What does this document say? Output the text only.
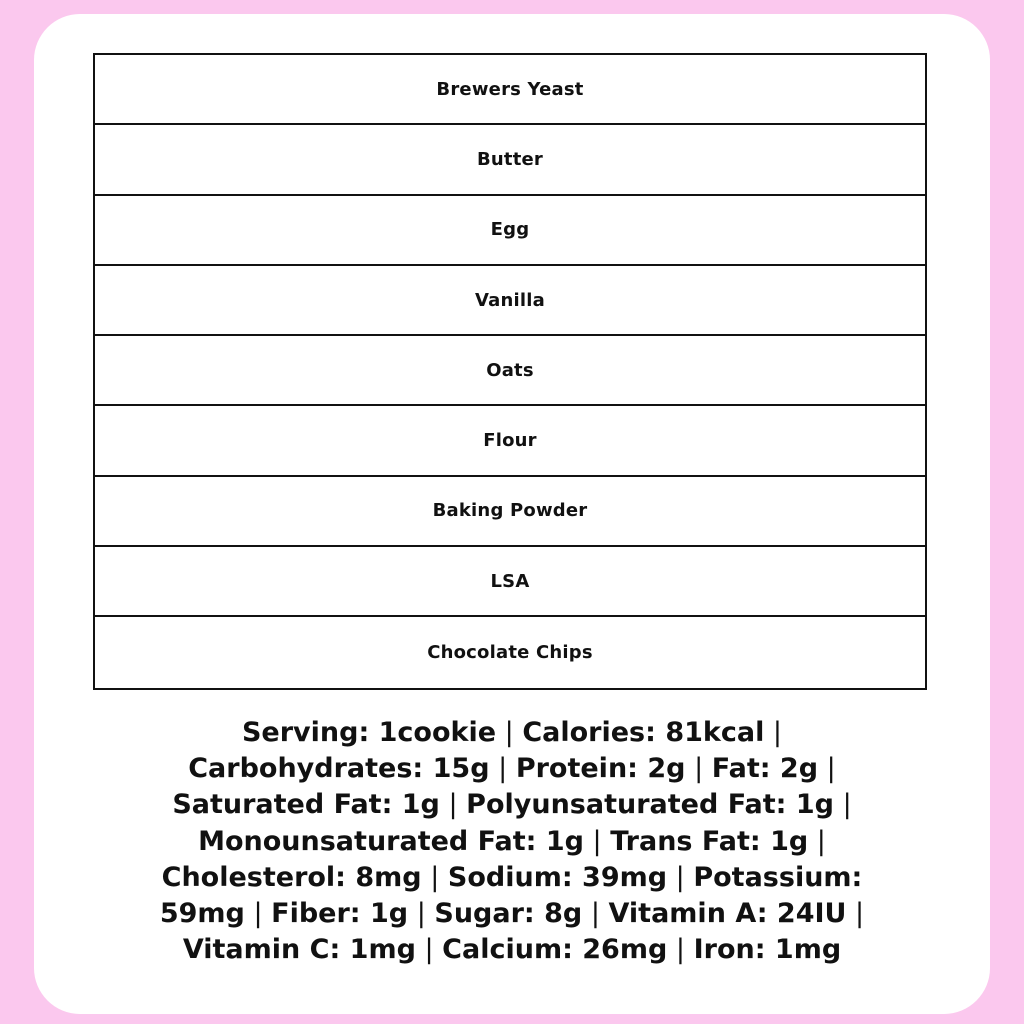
Brewers Yeast
Butter
Egg
Vanilla
Oats
Flour
Baking Powder
LSA
Chocolate Chips

Serving: 1cookie | Calories: 81kcal |
Carbohydrates: 15g | Protein: 2g | Fat: 2g |
Saturated Fat: 1g | Polyunsaturated Fat: 1g |
Monounsaturated Fat: 1g | Trans Fat: 1g |
Cholesterol: 8mg | Sodium: 39mg | Potassium:
59mg | Fiber: 1g | Sugar: 8g | Vitamin A: 24IU |
Vitamin C: 1mg | Calcium: 26mg | Iron: 1mg
